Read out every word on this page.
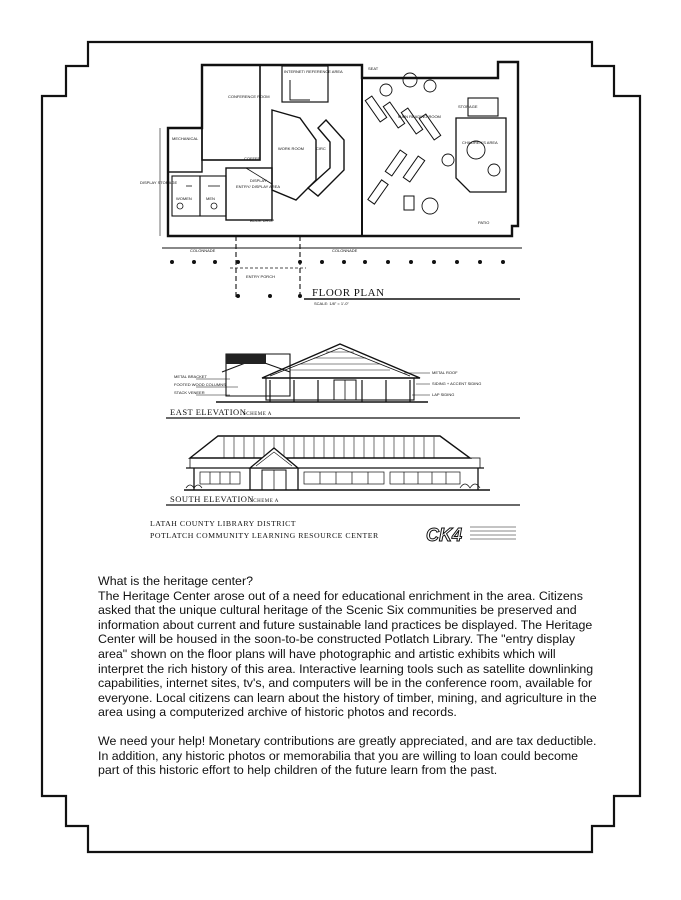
CONFERENCE ROOM
INTERNET/ REFERENCE AREA
MAIN READING ROOM
CHILDREN'S AREA
MECHANICAL
DISPLAY STORAGE
ENTRY/ DISPLAY AREA
WOMEN	MEN
STORAGE
WORK ROOM	CIRC
BOOK DROP
COFFEE
DISPLAY
PATIO
COLONNADE	COLONNADE
ENTRY PORCH
SEAT
FLOOR PLAN
SCALE: 1/8" = 1'-0"
METAL BRACKET
FOOTED WOOD COLUMNS
STACK VENEER
METAL ROOF
SIDING + ACCENT SIDING
LAP SIDING
EAST ELEVATION
SCHEME A
SOUTH ELEVATION
SCHEME A
LATAH COUNTY LIBRARY DISTRICT
POTLATCH COMMUNITY LEARNING RESOURCE CENTER	CK4

What is the heritage center?

The Heritage Center arose out of a need for educational enrichment in the area. Citizens asked that the unique cultural heritage of the Scenic Six communities be preserved and information about current and future sustainable land practices be displayed. The Heritage Center will be housed in the soon-to-be constructed Potlatch Library. The "entry display area" shown on the floor plans will have photographic and artistic exhibits which will interpret the rich history of this area. Interactive learning tools such as satellite downlinking capabilities, internet sites, tv's, and computers will be in the conference room, available for everyone. Local citizens can learn about the history of timber, mining, and agriculture in the area using a computerized archive of historic photos and records.

We need your help! Monetary contributions are greatly appreciated, and are tax deductible. In addition, any historic photos or memorabilia that you are willing to loan could become part of this historic effort to help children of the future learn from the past.
